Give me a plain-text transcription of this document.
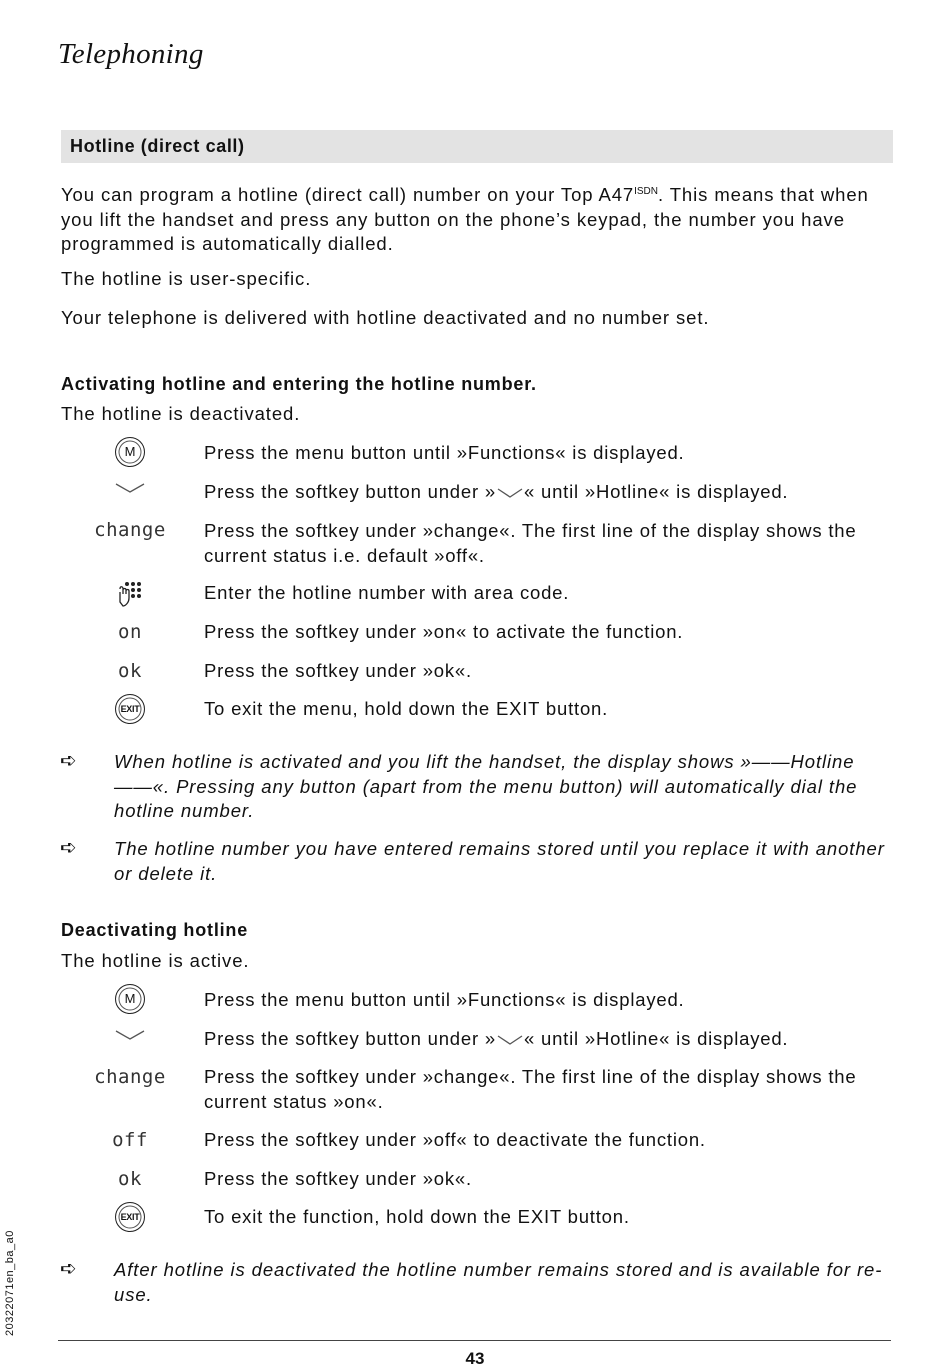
Telephoning
Hotline (direct call)

You can program a hotline (direct call) number on your Top $A47^{ISDN}$. This means that when you lift the handset and press any button on the phone’s keypad, the number you have programmed is automatically dialled.

The hotline is user-specific.

Your telephone is delivered with hotline deactivated and no number set.

Activating hotline and entering the hotline number.

The hotline is deactivated.

M	Press the menu button until »Functions« is displayed.

Press the softkey button under » « until »Hotline« is displayed.

change	Press the softkey under »change«. The first line of the display shows the current status i.e. default »off«.

Enter the hotline number with area code.

on	Press the softkey under »on« to activate the function.

ok	Press the softkey under »ok«.

EXIT	To exit the menu, hold down the EXIT button.

➪ When hotline is activated and you lift the handset, the display shows »——Hotline——«. Pressing any button (apart from the menu button) will automatically dial the hotline number.

➪ The hotline number you have entered remains stored until you replace it with another or delete it.

Deactivating hotline

The hotline is active.

M	Press the menu button until »Functions« is displayed.

Press the softkey button under » « until »Hotline« is displayed.

change	Press the softkey under »change«. The first line of the display shows the current status »on«.

off	Press the softkey under »off« to deactivate the function.

ok	Press the softkey under »ok«.

EXIT	To exit the function, hold down the EXIT button.

➪ After hotline is deactivated the hotline number remains stored and is available for re-use.

20322071en_ba_a0
43
